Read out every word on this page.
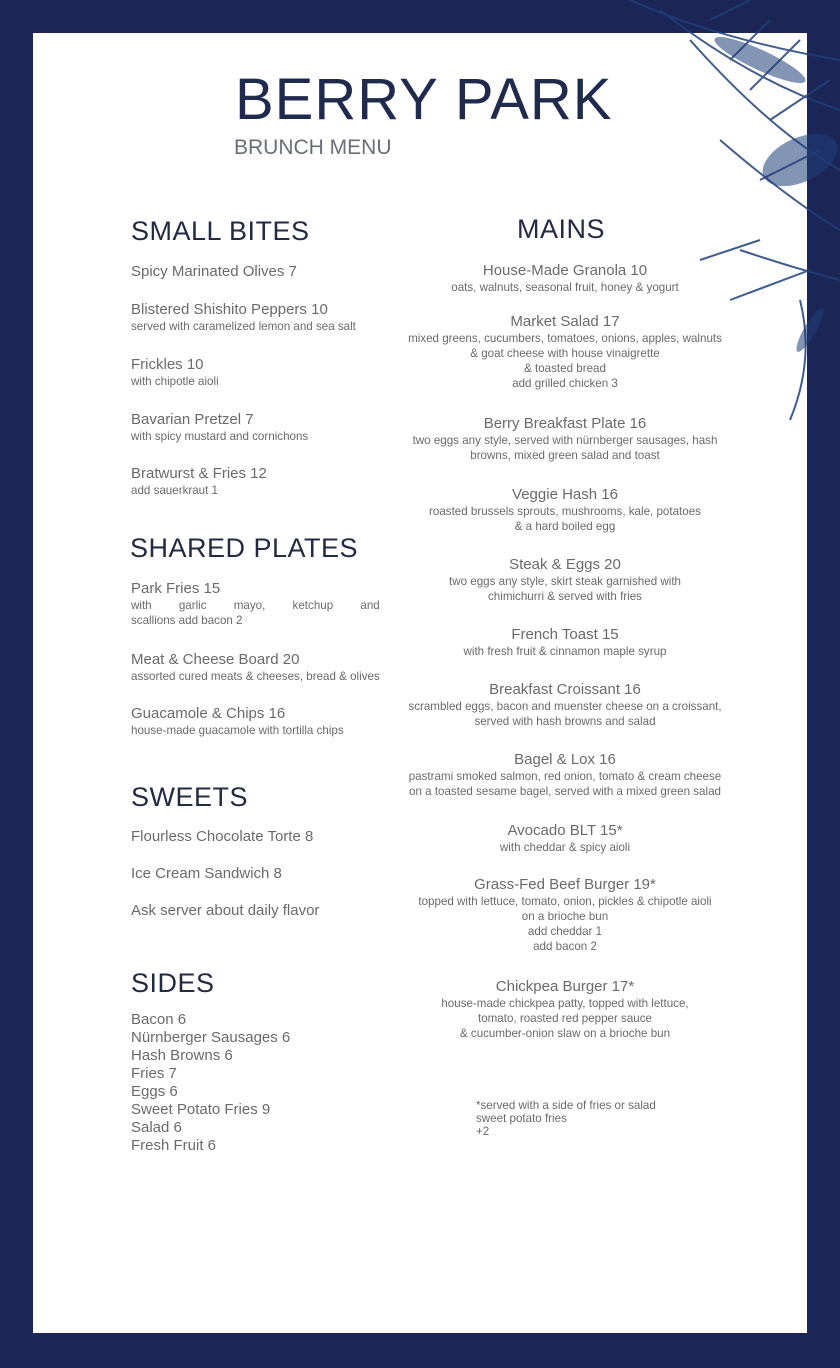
BERRY PARK
BRUNCH MENU
SMALL BITES
Spicy Marinated Olives 7
Blistered Shishito Peppers 10
served with caramelized lemon and sea salt
Frickles 10
with chipotle aioli
Bavarian Pretzel 7
with spicy mustard and cornichons
Bratwurst & Fries 12
add sauerkraut 1
SHARED PLATES
Park Fries 15
with garlic mayo, ketchup and
scallions add bacon 2
Meat & Cheese Board 20
assorted cured meats & cheeses, bread & olives
Guacamole & Chips 16
house-made guacamole with tortilla chips
SWEETS
Flourless Chocolate Torte 8
Ice Cream Sandwich 8
Ask server about daily flavor
SIDES
Bacon 6
Nürnberger Sausages 6
Hash Browns 6
Fries 7
Eggs 6
Sweet Potato Fries 9
Salad 6
Fresh Fruit 6
MAINS
House-Made Granola 10
oats, walnuts, seasonal fruit, honey & yogurt
Market Salad 17
mixed greens, cucumbers, tomatoes, onions, apples, walnuts
& goat cheese with house vinaigrette
& toasted bread
add grilled chicken 3
Berry Breakfast Plate 16
two eggs any style, served with nürnberger sausages, hash
browns, mixed green salad and toast
Veggie Hash 16
roasted brussels sprouts, mushrooms, kale, potatoes
& a hard boiled egg
Steak & Eggs 20
two eggs any style, skirt steak garnished with
chimichurri & served with fries
French Toast 15
with fresh fruit & cinnamon maple syrup
Breakfast Croissant 16
scrambled eggs, bacon and muenster cheese on a croissant,
served with hash browns and salad
Bagel & Lox 16
pastrami smoked salmon, red onion, tomato & cream cheese
on a toasted sesame bagel, served with a mixed green salad
Avocado BLT 15*
with cheddar & spicy aioli
Grass-Fed Beef Burger 19*
topped with lettuce, tomato, onion, pickles & chipotle aioli
on a brioche bun
add cheddar 1
add bacon 2
Chickpea Burger 17*
house-made chickpea patty, topped with lettuce,
tomato, roasted red pepper sauce
& cucumber-onion slaw on a brioche bun
*served with a side of fries or salad
sweet potato fries
+2
